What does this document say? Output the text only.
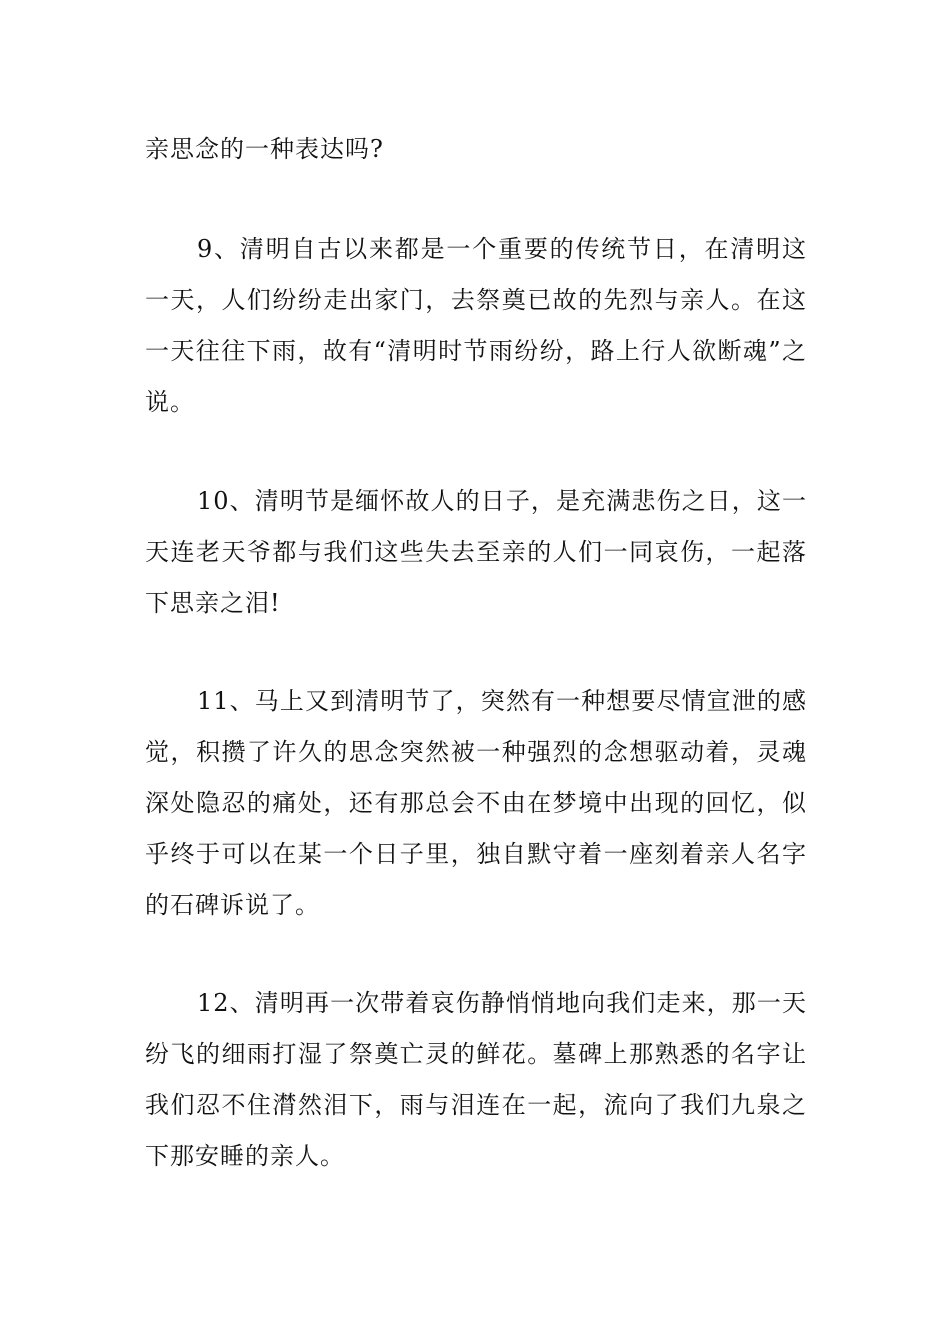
亲思念的一种表达吗?

9、清明自古以来都是一个重要的传统节日，在清明这一天，人们纷纷走出家门，去祭奠已故的先烈与亲人。在这一天往往下雨，故有“清明时节雨纷纷，路上行人欲断魂”之说。

10、清明节是缅怀故人的日子，是充满悲伤之日，这一天连老天爷都与我们这些失去至亲的人们一同哀伤，一起落下思亲之泪!

11、马上又到清明节了，突然有一种想要尽情宣泄的感觉，积攒了许久的思念突然被一种强烈的念想驱动着，灵魂深处隐忍的痛处，还有那总会不由在梦境中出现的回忆，似乎终于可以在某一个日子里，独自默守着一座刻着亲人名字的石碑诉说了。

12、清明再一次带着哀伤静悄悄地向我们走来，那一天纷飞的细雨打湿了祭奠亡灵的鲜花。墓碑上那熟悉的名字让我们忍不住潸然泪下，雨与泪连在一起，流向了我们九泉之下那安睡的亲人。
